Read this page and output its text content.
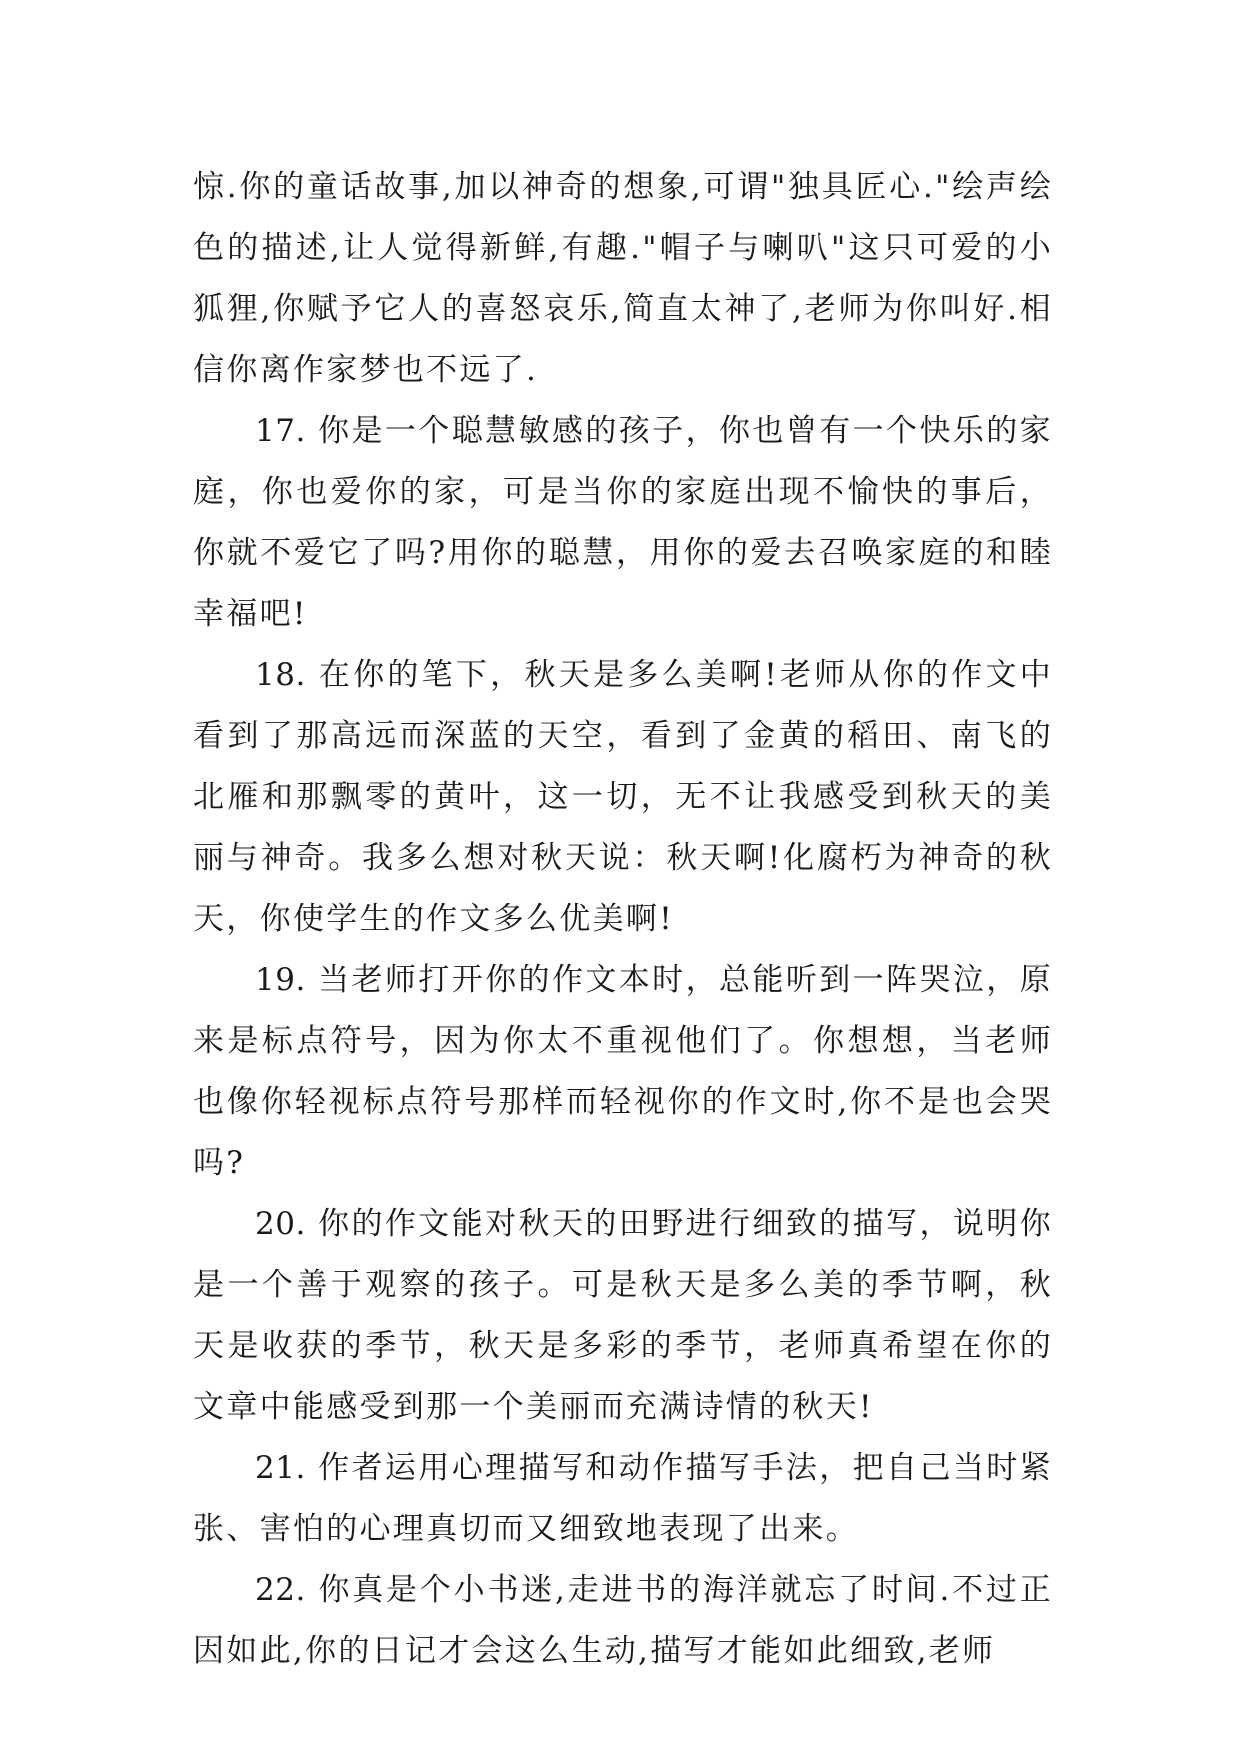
惊.你的童话故事,加以神奇的想象,可谓"独具匠心."绘声绘色的描述,让人觉得新鲜,有趣."帽子与喇叭"这只可爱的小狐狸,你赋予它人的喜怒哀乐,简直太神了,老师为你叫好.相信你离作家梦也不远了.

17. 你是一个聪慧敏感的孩子，你也曾有一个快乐的家庭，你也爱你的家，可是当你的家庭出现不愉快的事后，你就不爱它了吗?用你的聪慧，用你的爱去召唤家庭的和睦幸福吧!

18. 在你的笔下，秋天是多么美啊!老师从你的作文中看到了那高远而深蓝的天空，看到了金黄的稻田、南飞的北雁和那飘零的黄叶，这一切，无不让我感受到秋天的美丽与神奇。我多么想对秋天说：秋天啊!化腐朽为神奇的秋天，你使学生的作文多么优美啊!

19. 当老师打开你的作文本时，总能听到一阵哭泣，原来是标点符号，因为你太不重视他们了。你想想，当老师也像你轻视标点符号那样而轻视你的作文时,你不是也会哭吗?

20. 你的作文能对秋天的田野进行细致的描写，说明你是一个善于观察的孩子。可是秋天是多么美的季节啊，秋天是收获的季节，秋天是多彩的季节，老师真希望在你的文章中能感受到那一个美丽而充满诗情的秋天!

21. 作者运用心理描写和动作描写手法，把自己当时紧张、害怕的心理真切而又细致地表现了出来。

22. 你真是个小书迷,走进书的海洋就忘了时间.不过正因如此,你的日记才会这么生动,描写才能如此细致,老师
